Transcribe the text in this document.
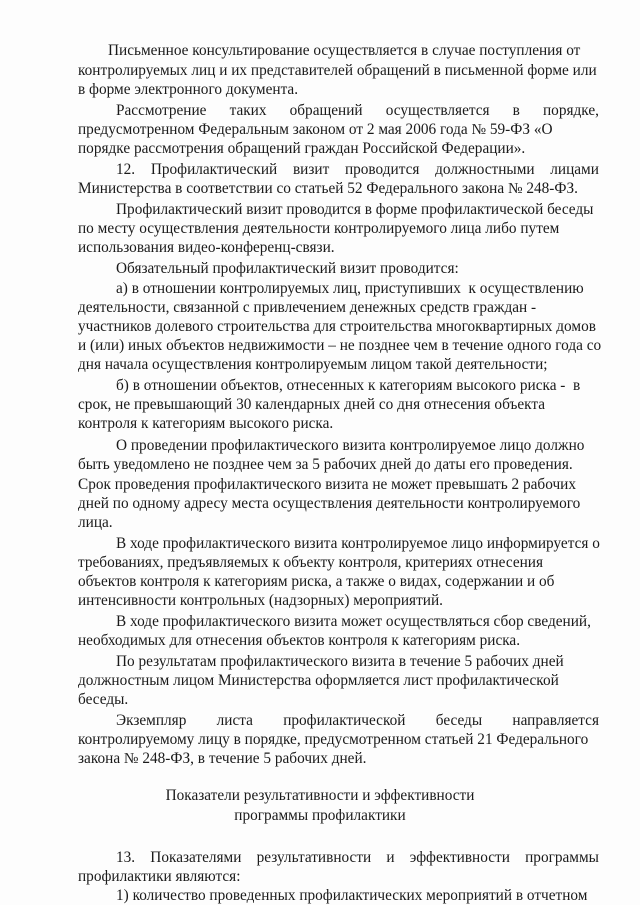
Письменное консультирование осуществляется в случае поступления от
контролируемых лиц и их представителей обращений в письменной форме или
в форме электронного документа.
Рассмотрение таких обращений осуществляется в порядке,
предусмотренном Федеральным законом от 2 мая 2006 года № 59-ФЗ «О
порядке рассмотрения обращений граждан Российской Федерации».
12. Профилактический визит проводится должностными лицами
Министерства в соответствии со статьей 52 Федерального закона № 248-ФЗ.
Профилактический визит проводится в форме профилактической беседы
по месту осуществления деятельности контролируемого лица либо путем
использования видео-конференц-связи.
Обязательный профилактический визит проводится:
а) в отношении контролируемых лиц, приступивших  к осуществлению
деятельности, связанной с привлечением денежных средств граждан -
участников долевого строительства для строительства многоквартирных домов
и (или) иных объектов недвижимости – не позднее чем в течение одного года со
дня начала осуществления контролируемым лицом такой деятельности;
б) в отношении объектов, отнесенных к категориям высокого риска -  в
срок, не превышающий 30 календарных дней со дня отнесения объекта
контроля к категориям высокого риска.
О проведении профилактического визита контролируемое лицо должно
быть уведомлено не позднее чем за 5 рабочих дней до даты его проведения.
Срок проведения профилактического визита не может превышать 2 рабочих
дней по одному адресу места осуществления деятельности контролируемого
лица.
В ходе профилактического визита контролируемое лицо информируется о
требованиях, предъявляемых к объекту контроля, критериях отнесения
объектов контроля к категориям риска, а также о видах, содержании и об
интенсивности контрольных (надзорных) мероприятий.
В ходе профилактического визита может осуществляться сбор сведений,
необходимых для отнесения объектов контроля к категориям риска.
По результатам профилактического визита в течение 5 рабочих дней
должностным лицом Министерства оформляется лист профилактической
беседы.
Экземпляр листа профилактической беседы направляется
контролируемому лицу в порядке, предусмотренном статьей 21 Федерального
закона № 248-ФЗ, в течение 5 рабочих дней.
Показатели результативности и эффективности
программы профилактики
13. Показателями результативности и эффективности программы
профилактики являются:
1) количество проведенных профилактических мероприятий в отчетном
